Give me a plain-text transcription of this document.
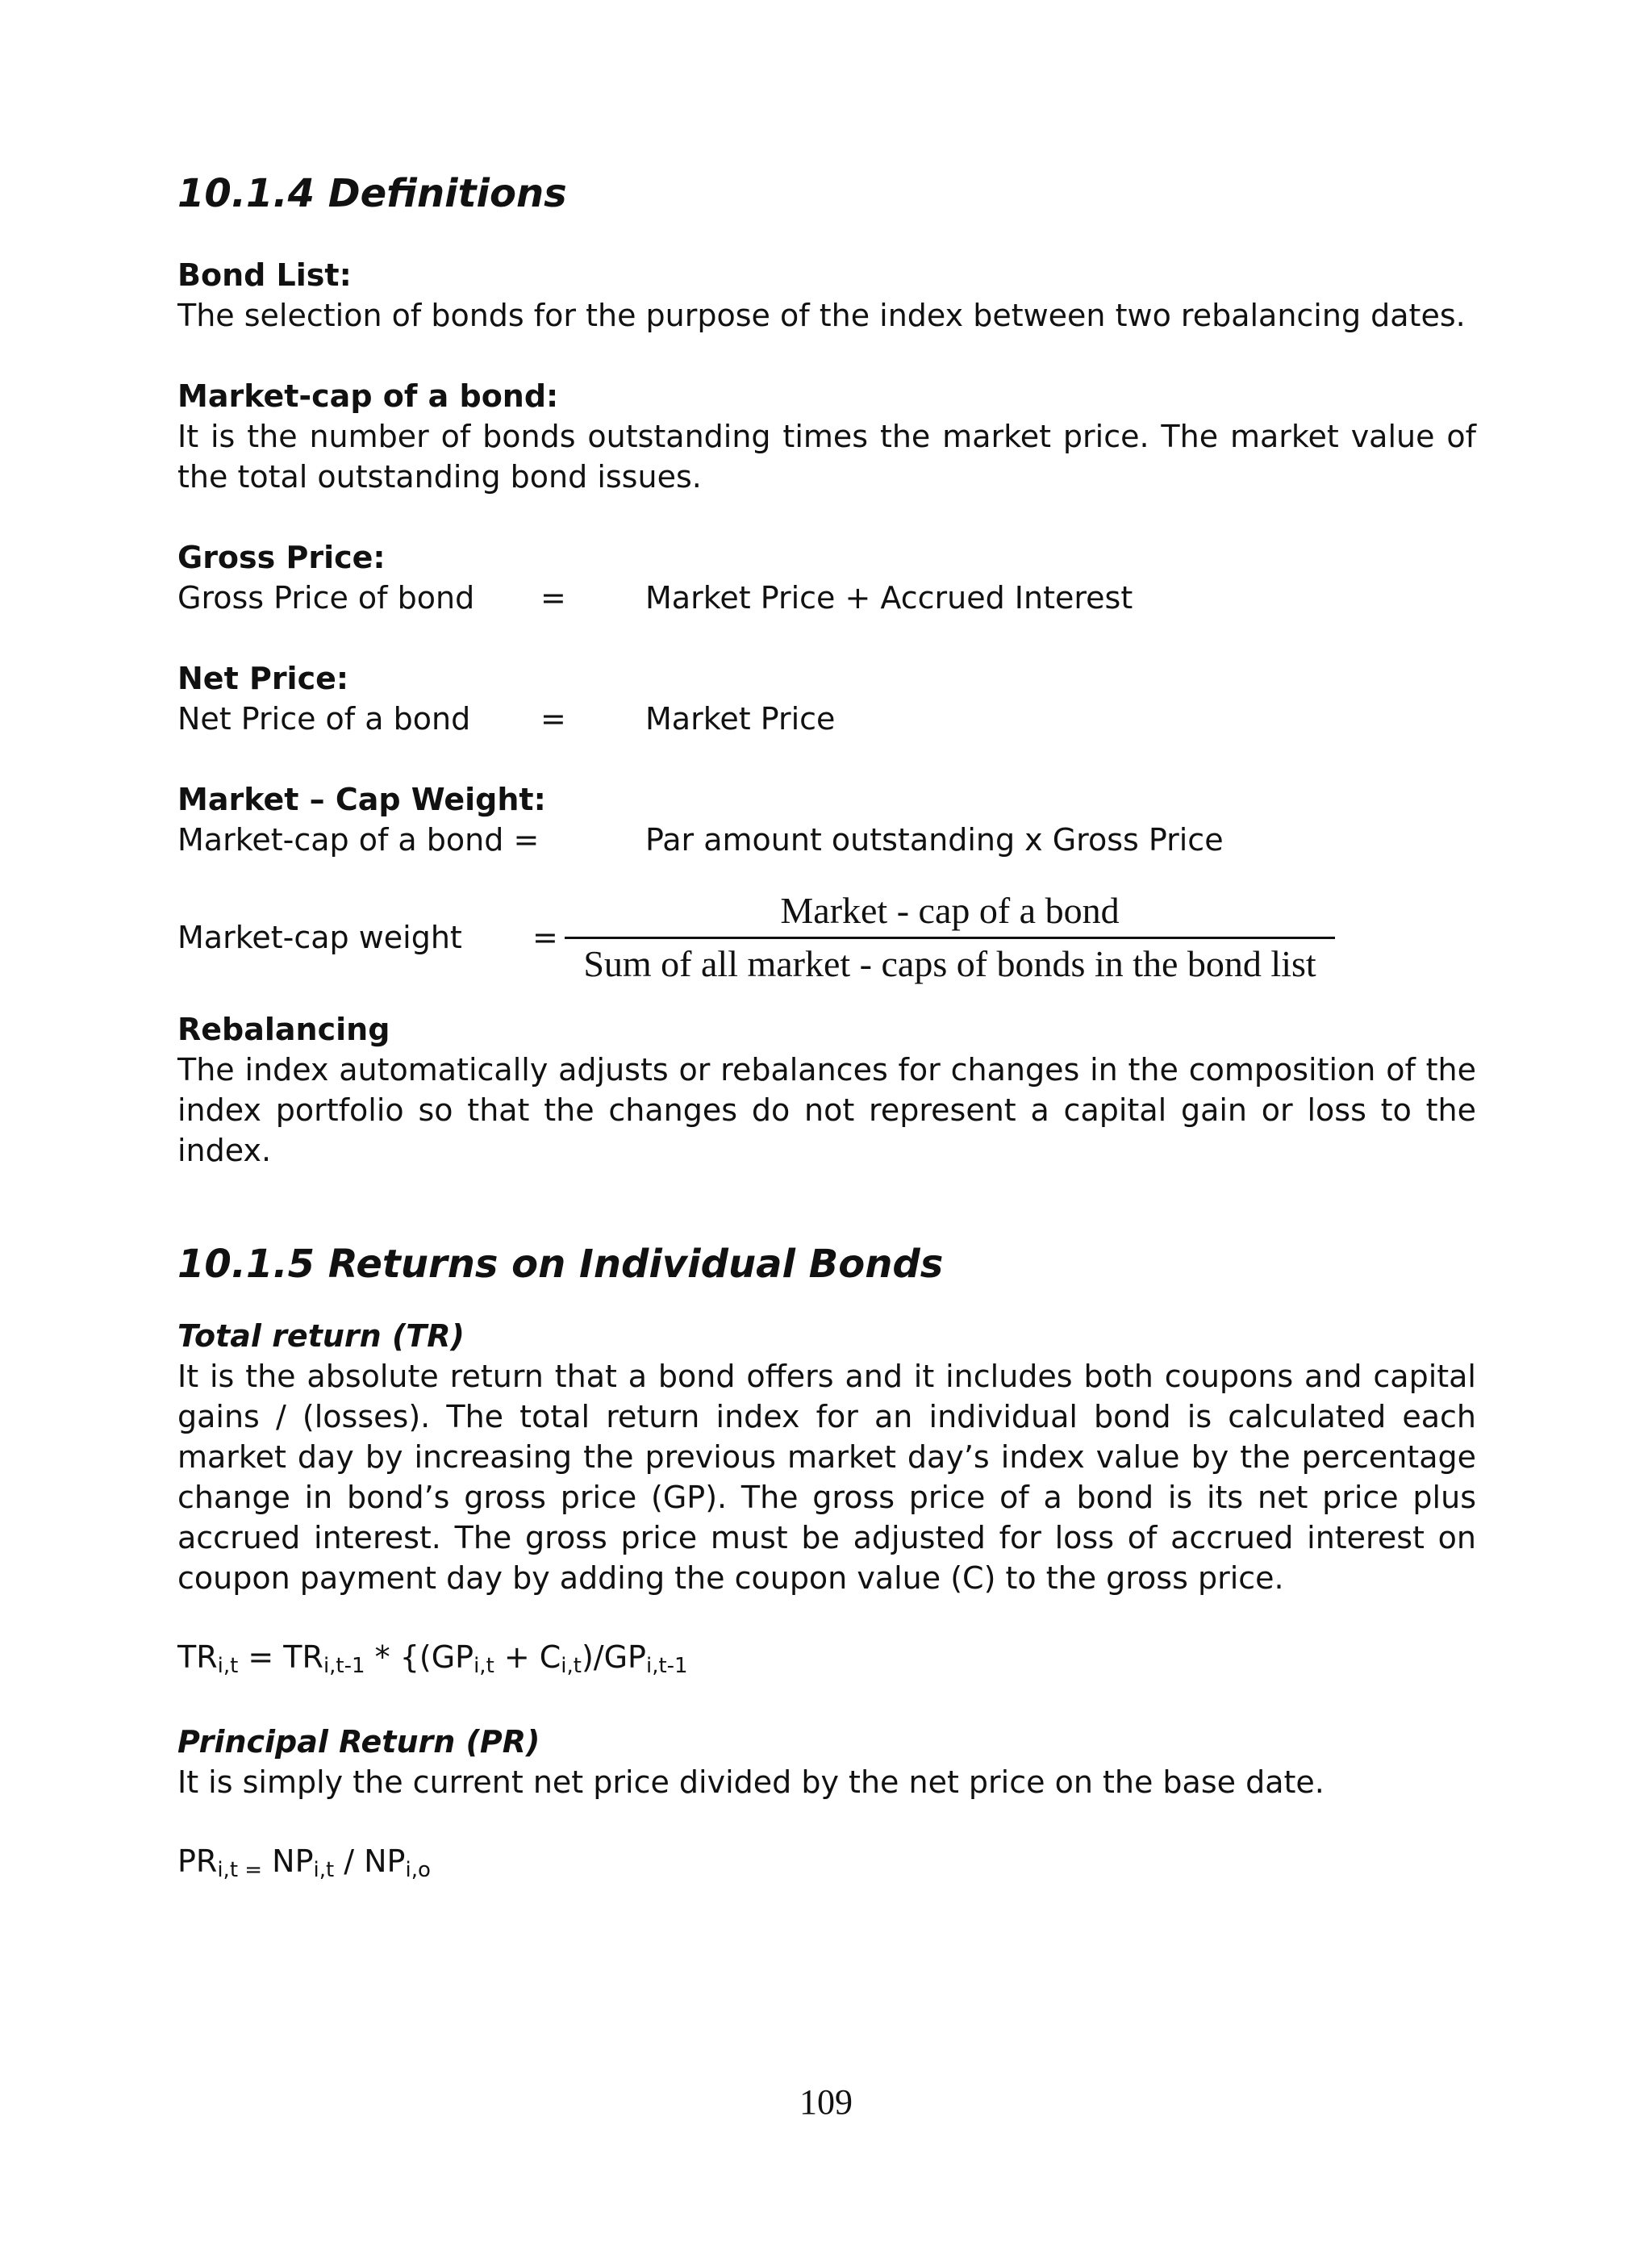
10.1.4 Definitions

Bond List:

The selection of bonds for the purpose of the index between two rebalancing dates.

Market-cap of a bond:

It is the number of bonds outstanding times the market price. The market value of the total outstanding bond issues.

Gross Price:

Gross Price of bond	=	Market Price + Accrued Interest

Net Price:

Net Price of a bond	=	Market Price

Market – Cap Weight:

Market-cap of a bond =	Par amount outstanding x Gross Price
Market-cap weight	= $\frac{\text{Market - cap of a bond}}{\text{Sum of all market - caps of bonds in the bond list}}$

Rebalancing

The index automatically adjusts or rebalances for changes in the composition of the index portfolio so that the changes do not represent a capital gain or loss to the index.

10.1.5 Returns on Individual Bonds

Total return (TR)

It is the absolute return that a bond offers and it includes both coupons and capital gains / (losses). The total return index for an individual bond is calculated each market day by increasing the previous market day’s index value by the percentage change in bond’s gross price (GP). The gross price of a bond is its net price plus accrued interest. The gross price must be adjusted for loss of accrued interest on coupon payment day by adding the coupon value (C) to the gross price.

$TR_{i,t} = TR_{i,t-1} * \{(GP_{i,t} + C_{i,t})/GP_{i,t-1}$

Principal Return (PR)

It is simply the current net price divided by the net price on the base date.

$PR_{i,t =}$ $NP_{i,t} / NP_{i,o}$

109
